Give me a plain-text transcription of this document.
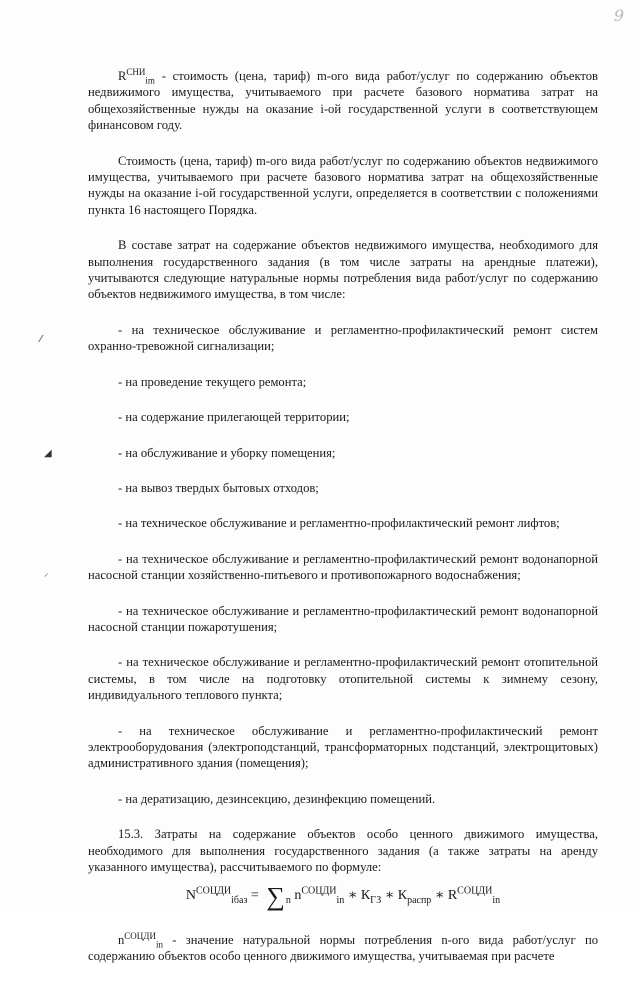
9
⁄
◢
⸝

$R^{СНИ}_{im}$ - стоимость (цена, тариф) m-ого вида работ/услуг по содержанию объектов недвижимого имущества, учитываемого при расчете базового норматива затрат на общехозяйственные нужды на оказание i-ой государственной услуги в соответствующем финансовом году.

Стоимость (цена, тариф) m-ого вида работ/услуг по содержанию объектов недвижимого имущества, учитываемого при расчете базового норматива затрат на общехозяйственные нужды на оказание i-ой государственной услуги, определяется в соответствии с положениями пункта 16 настоящего Порядка.

В составе затрат на содержание объектов недвижимого имущества, необходимого для выполнения государственного задания (в том числе затраты на арендные платежи), учитываются следующие натуральные нормы потребления вида работ/услуг по содержанию объектов недвижимого имущества, в том числе:

- на техническое обслуживание и регламентно-профилактический ремонт систем охранно-тревожной сигнализации;

- на проведение текущего ремонта;

- на содержание прилегающей территории;

- на обслуживание и уборку помещения;

- на вывоз твердых бытовых отходов;

- на техническое обслуживание и регламентно-профилактический ремонт лифтов;

- на техническое обслуживание и регламентно-профилактический ремонт водонапорной насосной станции хозяйственно-питьевого и противопожарного водоснабжения;

- на техническое обслуживание и регламентно-профилактический ремонт водонапорной насосной станции пожаротушения;

- на техническое обслуживание и регламентно-профилактический ремонт отопительной системы, в том числе на подготовку отопительной системы к зимнему сезону, индивидуального теплового пункта;

- на техническое обслуживание и регламентно-профилактический ремонт электрооборудования (электроподстанций, трансформаторных подстанций, электрощитовых) административного здания (помещения);

- на дератизацию, дезинсекцию, дезинфекцию помещений.

15.3. Затраты на содержание объектов особо ценного движимого имущества, необходимого для выполнения государственного задания (а также затраты на аренду указанного имущества), рассчитываемого по формуле:

$N^{СОЦДИ}_{iбаз} = \sum_n$ $n^{СОЦДИ}_{in}$ ∗ $К_{ГЗ}$ ∗ $К_{распр}$ ∗ $R^{СОЦДИ}_{in}$

$n^{СОЦДИ}_{in}$ - значение натуральной нормы потребления n-ого вида работ/услуг по содержанию объектов особо ценного движимого имущества, учитываемая при расчете
